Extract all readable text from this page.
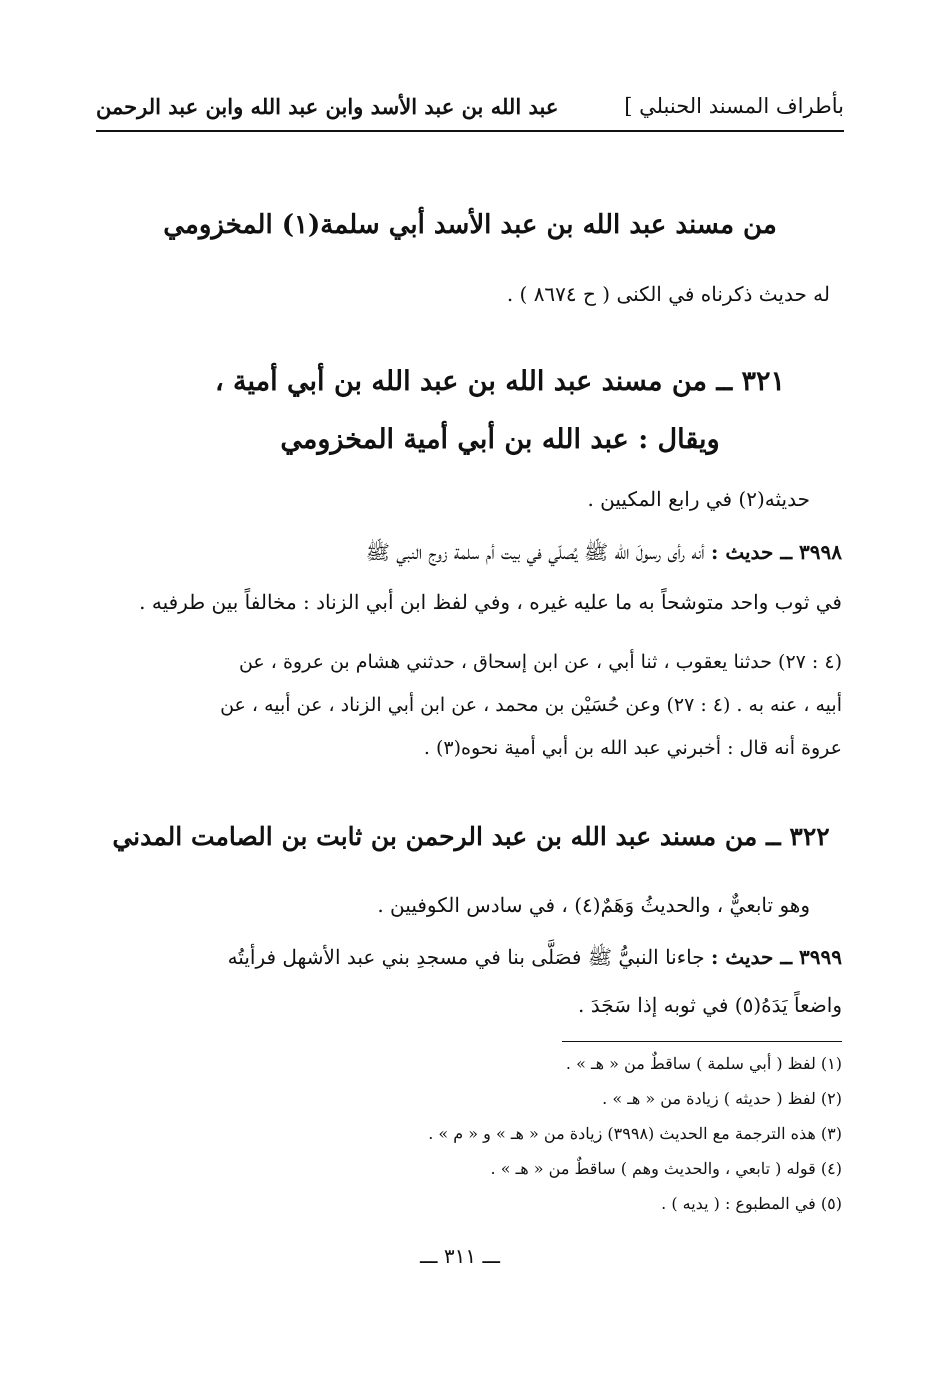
بأطراف المسند الحنبلي ]
عبد الله بن عبد الأسد وابن عبد الله وابن عبد الرحمن
من مسند عبد الله بن عبد الأسد أبي سلمة(١) المخزومي
له حديث ذكرناه في الكنى ( ح ٨٦٧٤ ) .
٣٢١ ــ من مسند عبد الله بن عبد الله بن أبي أمية ،
ويقال : عبد الله بن أبي أمية المخزومي
حديثه(٢) في رابع المكيين .
٣٩٩٨ ــ حديث : أنه رأى رسولَ الله ﷺ يُصلّي في بيت أم سلمة زوج النبي ﷺ
في ثوب واحد متوشحاً به ما عليه غيره ، وفي لفظ ابن أبي الزناد : مخالفاً بين طرفيه .
(٤ : ٢٧) حدثنا يعقوب ، ثنا أبي ، عن ابن إسحاق ، حدثني هشام بن عروة ، عن
أبيه ، عنه به . (٤ : ٢٧) وعن حُسَيْن بن محمد ، عن ابن أبي الزناد ، عن أبيه ، عن
عروة أنه قال : أخبرني عبد الله بن أبي أمية نحوه(٣) .
٣٢٢ ــ من مسند عبد الله بن عبد الرحمن بن ثابت بن الصامت المدني
وهو تابعيٌّ ، والحديثُ وَهَمٌ(٤) ، في سادس الكوفيين .
٣٩٩٩ ــ حديث : جاءنا النبيُّ ﷺ فصَلَّى بنا في مسجدِ بني عبد الأشهل فرأيتُه
واضعاً يَدَهُ(٥) في ثوبه إذا سَجَدَ .
(١) لفظ ( أبي سلمة ) ساقطٌ من « هـ » .
(٢) لفظ ( حديثه ) زيادة من « هـ » .
(٣) هذه الترجمة مع الحديث (٣٩٩٨) زيادة من « هـ » و « م » .
(٤) قوله ( تابعي ، والحديث وهم ) ساقطٌ من « هـ » .
(٥) في المطبوع : ( يديه ) .
ـــ ٣١١ ـــ
